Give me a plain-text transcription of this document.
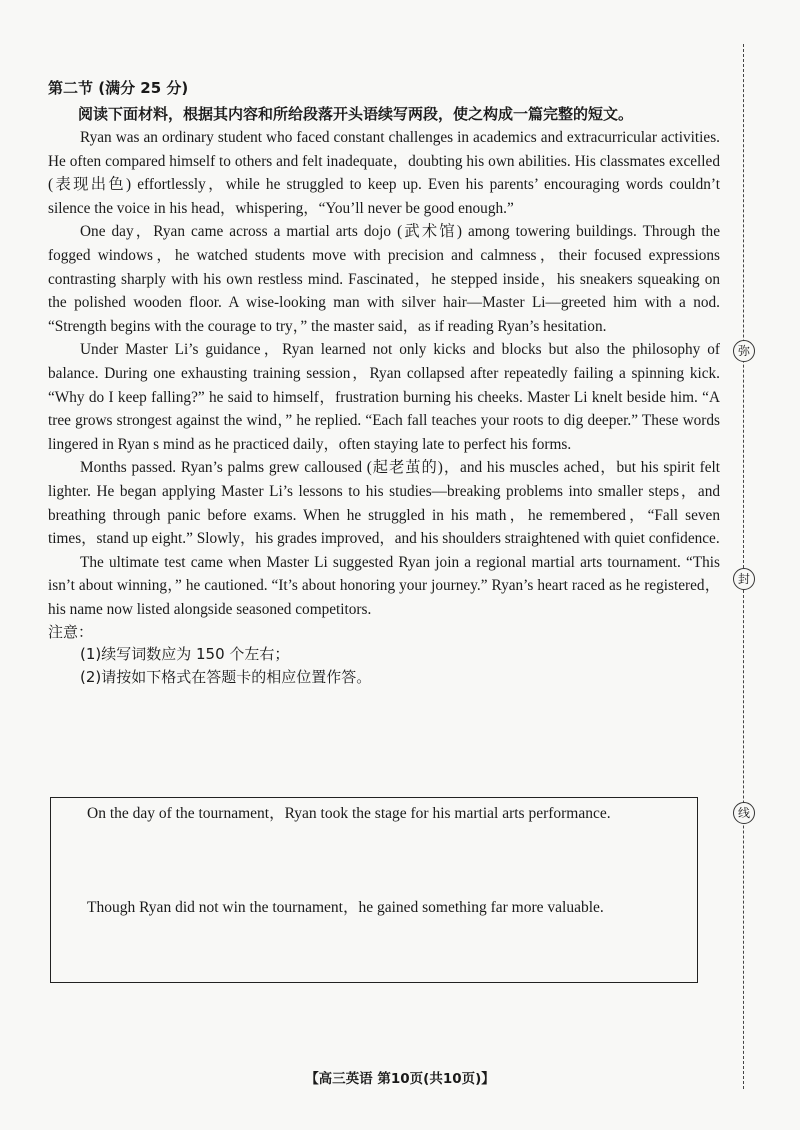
第二节 (满分 25 分)

阅读下面材料，根据其内容和所给段落开头语续写两段，使之构成一篇完整的短文。

Ryan was an ordinary student who faced constant challenges in academics and extracurricular activities. He often compared himself to others and felt inadequate，doubting his own abilities. His classmates excelled (表现出色) effortlessly，while he struggled to keep up. Even his parents’ encouraging words couldn’t silence the voice in his head，whispering，“You’ll never be good enough.”

One day，Ryan came across a martial arts dojo (武术馆) among towering buildings. Through the fogged windows，he watched students move with precision and calmness，their focused expressions contrasting sharply with his own restless mind. Fascinated，he stepped inside，his sneakers squeaking on the polished wooden floor. A wise-looking man with silver hair—Master Li—greeted him with a nod. “Strength begins with the courage to try，” the master said，as if reading Ryan’s hesitation.

Under Master Li’s guidance，Ryan learned not only kicks and blocks but also the philosophy of balance. During one exhausting training session，Ryan collapsed after repeatedly failing a spinning kick. “Why do I keep falling?” he said to himself，frustration burning his cheeks. Master Li knelt beside him. “A tree grows strongest against the wind，” he replied. “Each fall teaches your roots to dig deeper.” These words lingered in Ryan s mind as he practiced daily，often staying late to perfect his forms.

Months passed. Ryan’s palms grew calloused (起老茧的)，and his muscles ached，but his spirit felt lighter. He began applying Master Li’s lessons to his studies—breaking problems into smaller steps，and breathing through panic before exams. When he struggled in his math，he remembered，“Fall seven times，stand up eight.” Slowly，his grades improved，and his shoulders straightened with quiet confidence.

The ultimate test came when Master Li suggested Ryan join a regional martial arts tournament. “This isn’t about winning，” he cautioned. “It’s about honoring your journey.” Ryan’s heart raced as he registered，his name now listed alongside seasoned competitors.

注意：

(1)续写词数应为 150 个左右；

(2)请按如下格式在答题卡的相应位置作答。

On the day of the tournament，Ryan took the stage for his martial arts performance.
Though Ryan did not win the tournament，he gained something far more valuable.
【高三英语 第10页(共10页)】
弥
封
线
